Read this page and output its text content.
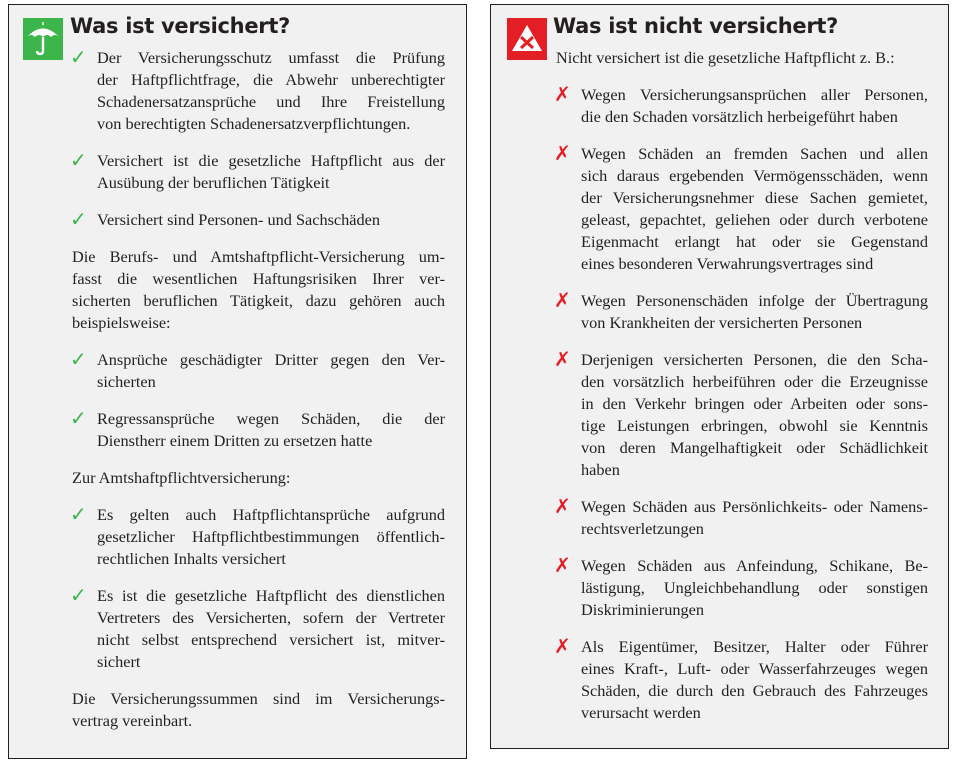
Was ist versichert?
✓ Der Versicherungsschutz umfasst die Prüfung
der Haftpflichtfrage, die Abwehr unberechtigter
Schadenersatzansprüche und Ihre Freistellung
von berechtigten Schadenersatzverpflichtungen.
✓ Versichert ist die gesetzliche Haftpflicht aus der
Ausübung der beruflichen Tätigkeit
✓ Versichert sind Personen- und Sachschäden
Die Berufs- und Amtshaftpflicht-Versicherung um-
fasst die wesentlichen Haftungsrisiken Ihrer ver-
sicherten beruflichen Tätigkeit, dazu gehören auch
beispielsweise:
✓ Ansprüche geschädigter Dritter gegen den Ver-
sicherten
✓ Regressansprüche wegen Schäden, die der
Dienstherr einem Dritten zu ersetzen hatte
Zur Amtshaftpflichtversicherung:
✓ Es gelten auch Haftpflichtansprüche aufgrund
gesetzlicher Haftpflichtbestimmungen öffentlich-
rechtlichen Inhalts versichert
✓ Es ist die gesetzliche Haftpflicht des dienstlichen
Vertreters des Versicherten, sofern der Vertreter
nicht selbst entsprechend versichert ist, mitver-
sichert
Die Versicherungssummen sind im Versicherungs-
vertrag vereinbart.
Was ist nicht versichert?
Nicht versichert ist die gesetzliche Haftpflicht z. B.:
✗ Wegen Versicherungsansprüchen aller Personen,
die den Schaden vorsätzlich herbeigeführt haben
✗ Wegen Schäden an fremden Sachen und allen
sich daraus ergebenden Vermögensschäden, wenn
der Versicherungsnehmer diese Sachen gemietet,
geleast, gepachtet, geliehen oder durch verbotene
Eigenmacht erlangt hat oder sie Gegenstand
eines besonderen Verwahrungsvertrages sind
✗ Wegen Personenschäden infolge der Übertragung
von Krankheiten der versicherten Personen
✗ Derjenigen versicherten Personen, die den Scha-
den vorsätzlich herbeiführen oder die Erzeugnisse
in den Verkehr bringen oder Arbeiten oder sons-
tige Leistungen erbringen, obwohl sie Kenntnis
von deren Mangelhaftigkeit oder Schädlichkeit
haben
✗ Wegen Schäden aus Persönlichkeits- oder Namens-
rechtsverletzungen
✗ Wegen Schäden aus Anfeindung, Schikane, Be-
lästigung, Ungleichbehandlung oder sonstigen
Diskriminierungen
✗ Als Eigentümer, Besitzer, Halter oder Führer
eines Kraft-, Luft- oder Wasserfahrzeuges wegen
Schäden, die durch den Gebrauch des Fahrzeuges
verursacht werden
